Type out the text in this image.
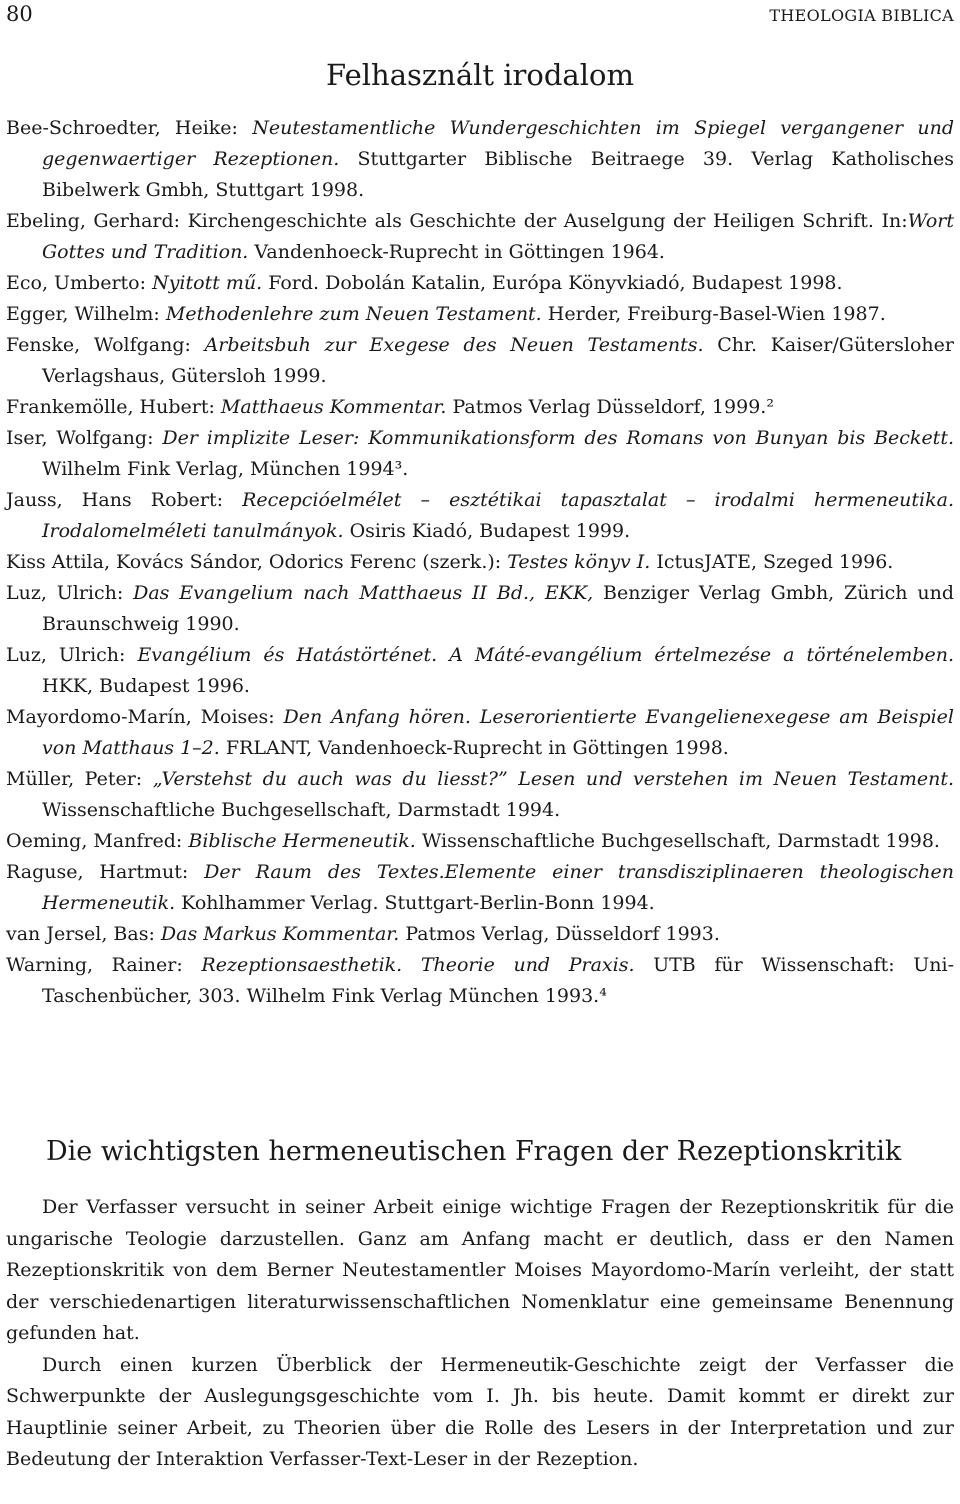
80	THEOLOGIA BIBLICA
Felhasznált irodalom
Bee-Schroedter, Heike: Neutestamentliche Wundergeschichten im Spiegel vergangener und gegenwaertiger Rezeptionen. Stuttgarter Biblische Beitraege 39. Verlag Katholisches Bibelwerk Gmbh, Stuttgart 1998.
Ebeling, Gerhard: Kirchengeschichte als Geschichte der Auselgung der Heiligen Schrift. In:Wort Gottes und Tradition. Vandenhoeck-Ruprecht in Göttingen 1964.
Eco, Umberto: Nyitott mű. Ford. Dobolán Katalin, Európa Könyvkiadó, Budapest 1998.
Egger, Wilhelm: Methodenlehre zum Neuen Testament. Herder, Freiburg-Basel-Wien 1987.
Fenske, Wolfgang: Arbeitsbuh zur Exegese des Neuen Testaments. Chr. Kaiser/Gütersloher Verlagshaus, Gütersloh 1999.
Frankemölle, Hubert: Matthaeus Kommentar. Patmos Verlag Düsseldorf, 1999.²
Iser, Wolfgang: Der implizite Leser: Kommunikationsform des Romans von Bunyan bis Beckett. Wilhelm Fink Verlag, München 1994³.
Jauss, Hans Robert: Recepcióelmélet – esztétikai tapasztalat – irodalmi hermeneutika. Irodalomelméleti tanulmányok. Osiris Kiadó, Budapest 1999.
Kiss Attila, Kovács Sándor, Odorics Ferenc (szerk.): Testes könyv I. IctusJATE, Szeged 1996.
Luz, Ulrich: Das Evangelium nach Matthaeus II Bd., EKK, Benziger Verlag Gmbh, Zürich und Braunschweig 1990.
Luz, Ulrich: Evangélium és Hatástörténet. A Máté-evangélium értelmezése a történelemben. HKK, Budapest 1996.
Mayordomo-Marín, Moises: Den Anfang hören. Leserorientierte Evangelienexegese am Beispiel von Matthaus 1–2. FRLANT, Vandenhoeck-Ruprecht in Göttingen 1998.
Müller, Peter: „Verstehst du auch was du liesst?” Lesen und verstehen im Neuen Testament. Wissenschaftliche Buchgesellschaft, Darmstadt 1994.
Oeming, Manfred: Biblische Hermeneutik. Wissenschaftliche Buchgesellschaft, Darmstadt 1998.
Raguse, Hartmut: Der Raum des Textes.Elemente einer transdisziplinaeren theologischen Hermeneutik. Kohlhammer Verlag. Stuttgart-Berlin-Bonn 1994.
van Jersel, Bas: Das Markus Kommentar. Patmos Verlag, Düsseldorf 1993.
Warning, Rainer: Rezeptionsaesthetik. Theorie und Praxis. UTB für Wissenschaft: Uni-Taschenbücher, 303. Wilhelm Fink Verlag München 1993.⁴
Die wichtigsten hermeneutischen Fragen der Rezeptionskritik

Der Verfasser versucht in seiner Arbeit einige wichtige Fragen der Rezeptionskritik für die ungarische Teologie darzustellen. Ganz am Anfang macht er deutlich, dass er den Namen Rezeptionskritik von dem Berner Neutestamentler Moises Mayordomo-Marín verleiht, der statt der verschiedenartigen literaturwissenschaftlichen Nomenklatur eine gemeinsame Benennung gefunden hat.

Durch einen kurzen Überblick der Hermeneutik-Geschichte zeigt der Verfasser die Schwerpunkte der Auslegungsgeschichte vom I. Jh. bis heute. Damit kommt er direkt zur Hauptlinie seiner Arbeit, zu Theorien über die Rolle des Lesers in der Interpretation und zur Bedeutung der Interaktion Verfasser-Text-Leser in der Rezeption.
